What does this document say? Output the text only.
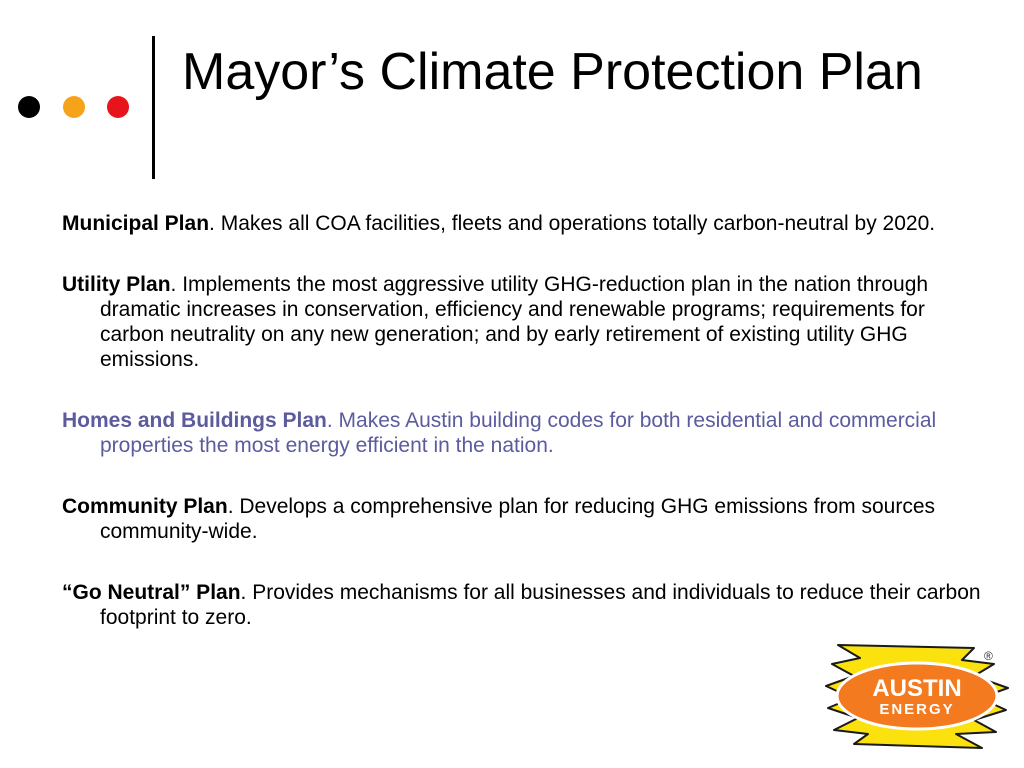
Mayor’s Climate Protection Plan

Municipal Plan. Makes all COA facilities, fleets and operations totally carbon-neutral by 2020.

Utility Plan. Implements the most aggressive utility GHG-reduction plan in the nation through dramatic increases in conservation, efficiency and renewable programs; requirements for carbon neutrality on any new generation; and by early retirement of existing utility GHG emissions.

Homes and Buildings Plan. Makes Austin building codes for both residential and commercial properties the most energy efficient in the nation.

Community Plan. Develops a comprehensive plan for reducing GHG emissions from sources community-wide.

“Go Neutral” Plan. Provides mechanisms for all businesses and individuals to reduce their carbon footprint to zero.

AUSTIN
ENERGY
®
